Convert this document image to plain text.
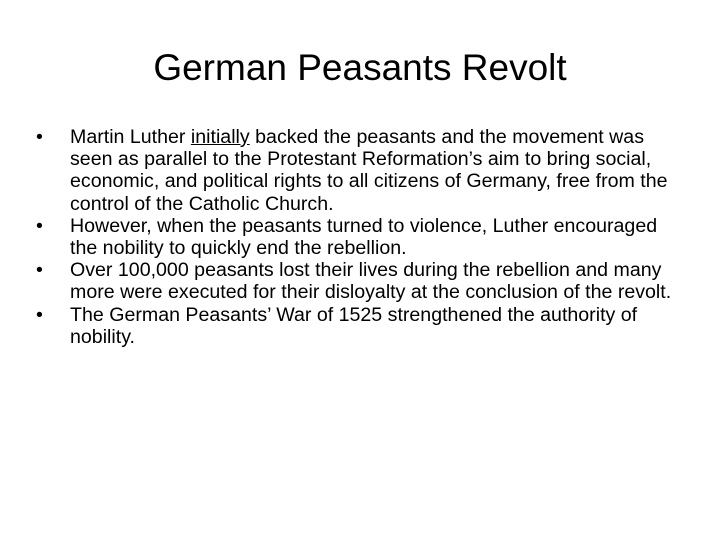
German Peasants Revolt
•	Martin Luther initially backed the peasants and the movement was seen as parallel to the Protestant Reformation’s aim to bring social, economic, and political rights to all citizens of Germany, free from the control of the Catholic Church.
•	However, when the peasants turned to violence, Luther encouraged the nobility to quickly end the rebellion.
•	Over 100,000 peasants lost their lives during the rebellion and many more were executed for their disloyalty at the conclusion of the revolt.
•	The German Peasants’ War of 1525 strengthened the authority of nobility.
